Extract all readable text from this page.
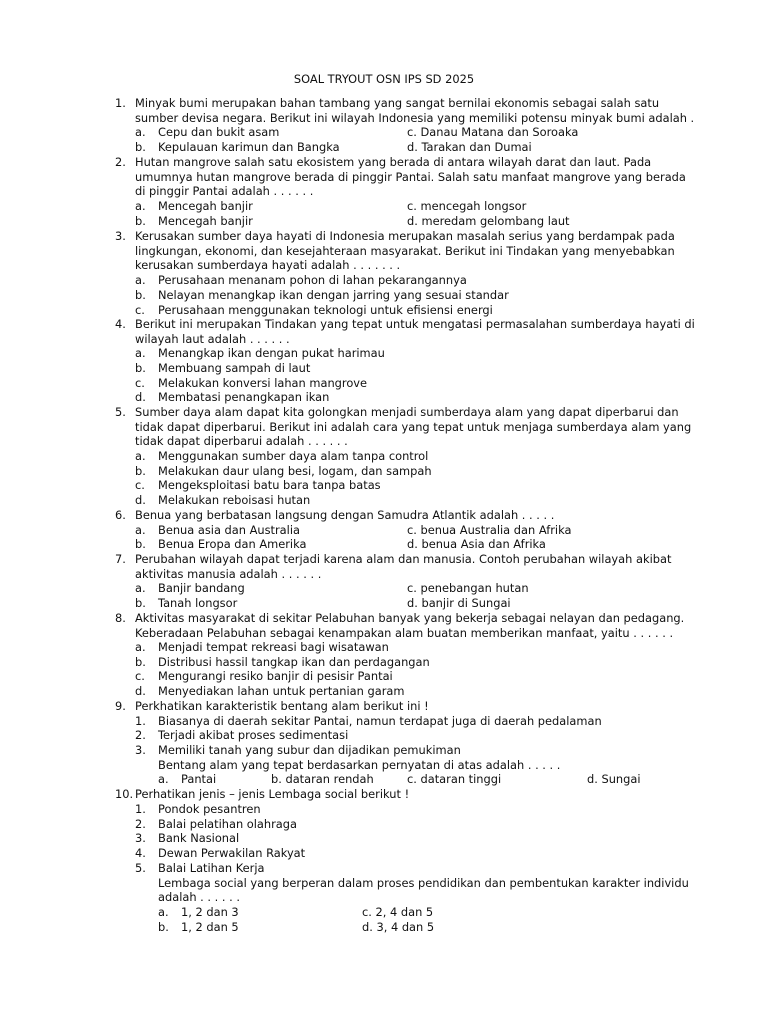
SOAL TRYOUT OSN IPS SD 2025
1. Minyak bumi merupakan bahan tambang yang sangat bernilai ekonomis sebagai salah satu
sumber devisa negara. Berikut ini wilayah Indonesia yang memiliki potensu minyak bumi adalah .
a. Cepu dan bukit asam	c. Danau Matana dan Soroaka
b. Kepulauan karimun dan Bangka	d. Tarakan dan Dumai
2. Hutan mangrove salah satu ekosistem yang berada di antara wilayah darat dan laut. Pada
umumnya hutan mangrove berada di pinggir Pantai. Salah satu manfaat mangrove yang berada
di pinggir Pantai adalah . . . . . .
a. Mencegah banjir	c. mencegah longsor
b. Mencegah banjir	d. meredam gelombang laut
3. Kerusakan sumber daya hayati di Indonesia merupakan masalah serius yang berdampak pada
lingkungan, ekonomi, dan kesejahteraan masyarakat. Berikut ini Tindakan yang menyebabkan
kerusakan sumberdaya hayati adalah . . . . . . .
a. Perusahaan menanam pohon di lahan pekarangannya
b. Nelayan menangkap ikan dengan jarring yang sesuai standar
c. Perusahaan menggunakan teknologi untuk efisiensi energi
4. Berikut ini merupakan Tindakan yang tepat untuk mengatasi permasalahan sumberdaya hayati di
wilayah laut adalah . . . . . .
a. Menangkap ikan dengan pukat harimau
b. Membuang sampah di laut
c. Melakukan konversi lahan mangrove
d. Membatasi penangkapan ikan
5. Sumber daya alam dapat kita golongkan menjadi sumberdaya alam yang dapat diperbarui dan
tidak dapat diperbarui. Berikut ini adalah cara yang tepat untuk menjaga sumberdaya alam yang
tidak dapat diperbarui adalah . . . . . .
a. Menggunakan sumber daya alam tanpa control
b. Melakukan daur ulang besi, logam, dan sampah
c. Mengeksploitasi batu bara tanpa batas
d. Melakukan reboisasi hutan
6. Benua yang berbatasan langsung dengan Samudra Atlantik adalah . . . . .
a. Benua asia dan Australia	c. benua Australia dan Afrika
b. Benua Eropa dan Amerika	d. benua Asia dan Afrika
7. Perubahan wilayah dapat terjadi karena alam dan manusia. Contoh perubahan wilayah akibat
aktivitas manusia adalah . . . . . .
a. Banjir bandang	c. penebangan hutan
b. Tanah longsor	d. banjir di Sungai
8. Aktivitas masyarakat di sekitar Pelabuhan banyak yang bekerja sebagai nelayan dan pedagang.
Keberadaan Pelabuhan sebagai kenampakan alam buatan memberikan manfaat, yaitu . . . . . .
a. Menjadi tempat rekreasi bagi wisatawan
b. Distribusi hassil tangkap ikan dan perdagangan
c. Mengurangi resiko banjir di pesisir Pantai
d. Menyediakan lahan untuk pertanian garam
9. Perkhatikan karakteristik bentang alam berikut ini !
1. Biasanya di daerah sekitar Pantai, namun terdapat juga di daerah pedalaman
2. Terjadi akibat proses sedimentasi
3. Memiliki tanah yang subur dan dijadikan pemukiman
Bentang alam yang tepat berdasarkan pernyatan di atas adalah . . . . .
a. Pantai	b. dataran rendah	c. dataran tinggi	d. Sungai
10. Perhatikan jenis – jenis Lembaga social berikut !
1. Pondok pesantren
2. Balai pelatihan olahraga
3. Bank Nasional
4. Dewan Perwakilan Rakyat
5. Balai Latihan Kerja
Lembaga social yang berperan dalam proses pendidikan dan pembentukan karakter individu
adalah . . . . . .
a. 1, 2 dan 3	c. 2, 4 dan 5
b. 1, 2 dan 5	d. 3, 4 dan 5
